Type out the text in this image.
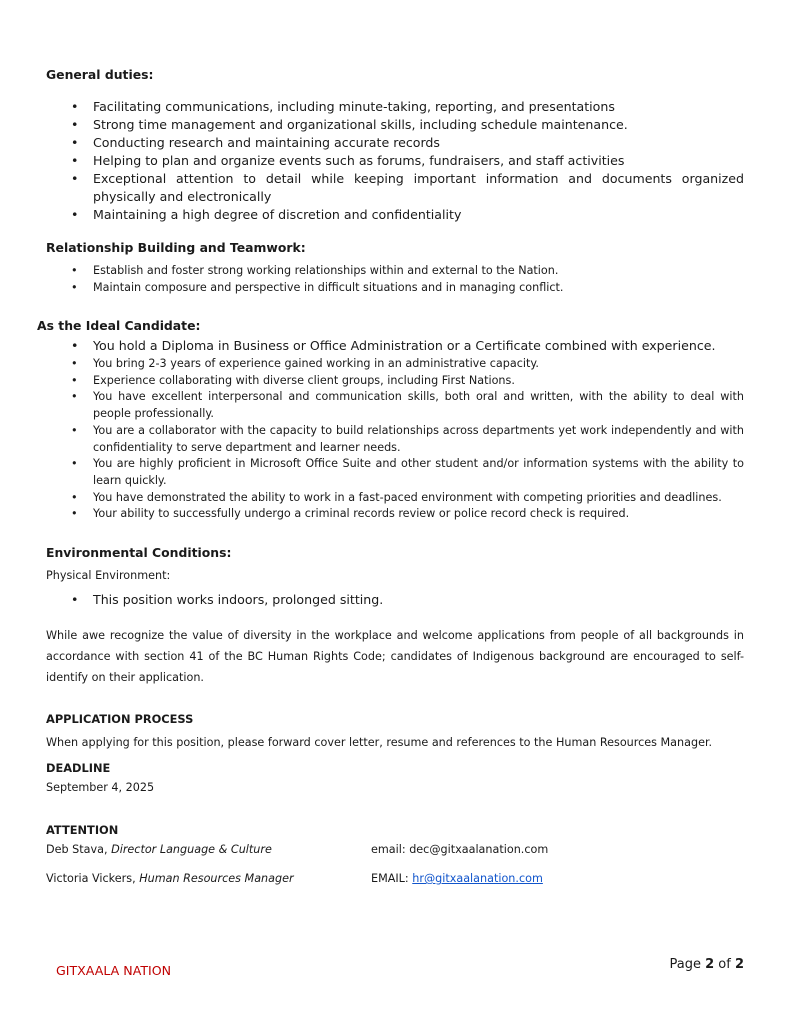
General duties:

• Facilitating communications, including minute-taking, reporting, and presentations
• Strong time management and organizational skills, including schedule maintenance.
• Conducting research and maintaining accurate records
• Helping to plan and organize events such as forums, fundraisers, and staff activities
• Exceptional attention to detail while keeping important information and documents organized physically and electronically
• Maintaining a high degree of discretion and confidentiality

Relationship Building and Teamwork:

• Establish and foster strong working relationships within and external to the Nation.
• Maintain composure and perspective in difficult situations and in managing conflict.

As the Ideal Candidate:

• You hold a Diploma in Business or Office Administration or a Certificate combined with experience.
• You bring 2-3 years of experience gained working in an administrative capacity.
• Experience collaborating with diverse client groups, including First Nations.
• You have excellent interpersonal and communication skills, both oral and written, with the ability to deal with people professionally.
• You are a collaborator with the capacity to build relationships across departments yet work independently and with confidentiality to serve department and learner needs.
• You are highly proficient in Microsoft Office Suite and other student and/or information systems with the ability to learn quickly.
• You have demonstrated the ability to work in a fast-paced environment with competing priorities and deadlines.
• Your ability to successfully undergo a criminal records review or police record check is required.

Environmental Conditions:

Physical Environment:

• This position works indoors, prolonged sitting.

While awe recognize the value of diversity in the workplace and welcome applications from people of all backgrounds in accordance with section 41 of the BC Human Rights Code; candidates of Indigenous background are encouraged to self-identify on their application.

APPLICATION PROCESS

When applying for this position, please forward cover letter, resume and references to the Human Resources Manager.

DEADLINE

September 4, 2025

ATTENTION

Deb Stava, Director Language & Culture	email: dec@gitxaalanation.com
Victoria Vickers, Human Resources Manager	EMAIL: hr@gitxaalanation.com

GITXAALA NATION	Page 2 of 2
